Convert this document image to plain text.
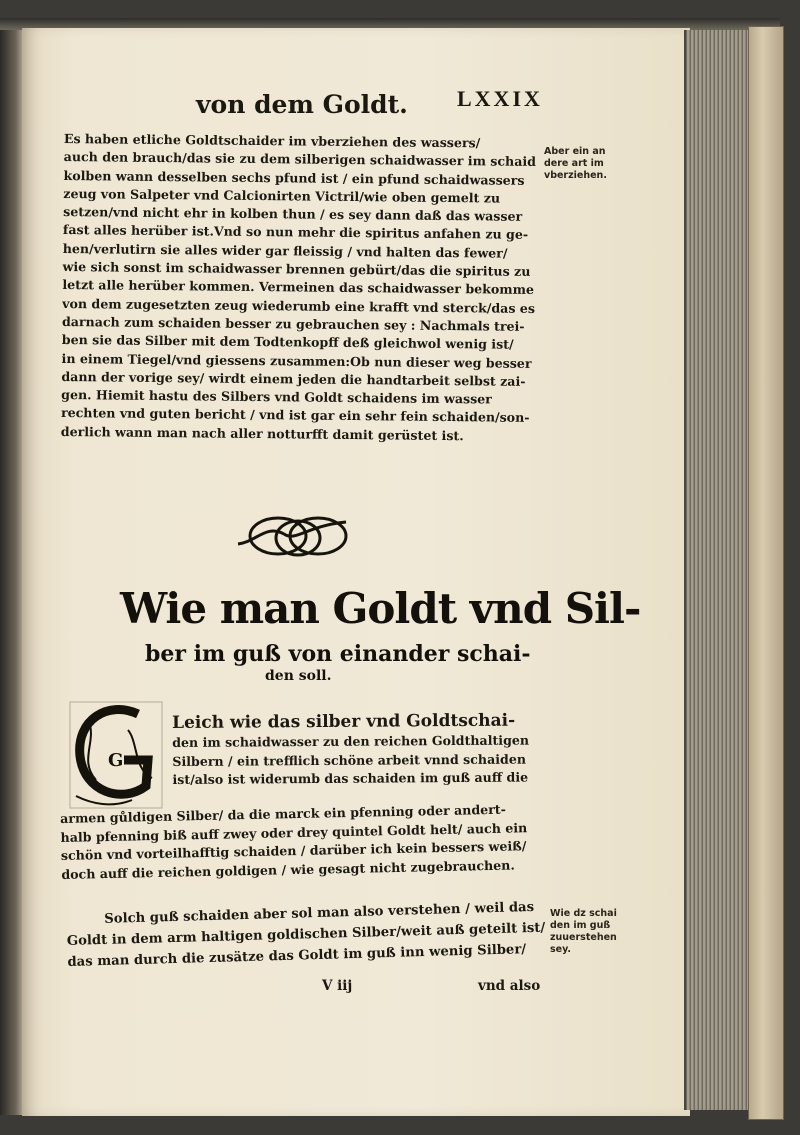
von dem Goldt. LXXIX
Es haben etliche Goldtschaider im vberziehen des wassers/
auch den brauch/das sie zu dem silberigen schaidwasser im schaid
kolben wann desselben sechs pfund ist / ein pfund schaidwassers
zeug von Salpeter vnd Calcionirten Victril/wie oben gemelt zu
setzen/vnd nicht ehr in kolben thun / es sey dann daß das wasser
fast alles herüber ist.Vnd so nun mehr die spiritus anfahen zu ge-
hen/verlutirn sie alles wider gar fleissig / vnd halten das fewer/
wie sich sonst im schaidwasser brennen gebürt/das die spiritus zu
letzt alle herüber kommen. Vermeinen das schaidwasser bekomme
von dem zugesetzten zeug wiederumb eine krafft vnd sterck/das es
darnach zum schaiden besser zu gebrauchen sey : Nachmals trei-
ben sie das Silber mit dem Todtenkopff deß gleichwol wenig ist/
in einem Tiegel/vnd giessens zusammen:Ob nun dieser weg besser
dann der vorige sey/ wirdt einem jeden die handtarbeit selbst zai-
gen. Hiemit hastu des Silbers vnd Goldt schaidens im wasser
rechten vnd guten bericht / vnd ist gar ein sehr fein schaiden/son-
derlich wann man nach aller notturfft damit gerüstet ist.
Aber ein an
dere art im
vberziehen.
Wie man Goldt vnd Sil-
ber im guß von einander schai-
den soll.
G
Leich wie das silber vnd Goldtschai-
den im schaidwasser zu den reichen Goldthaltigen
Silbern / ein trefflich schöne arbeit vnnd schaiden
ist/also ist widerumb das schaiden im guß auff die
armen gůldigen Silber/ da die marck ein pfenning oder andert-
halb pfenning biß auff zwey oder drey quintel Goldt helt/ auch ein
schön vnd vorteilhafftig schaiden / darüber ich kein bessers weiß/
doch auff die reichen goldigen / wie gesagt nicht zugebrauchen.
Solch guß schaiden aber sol man also verstehen / weil das
Goldt in dem arm haltigen goldischen Silber/weit auß geteilt ist/
das man durch die zusätze das Goldt im guß inn wenig Silber/
Wie dz schai
den im guß
zuuerstehen
sey.
V iij	vnd also
